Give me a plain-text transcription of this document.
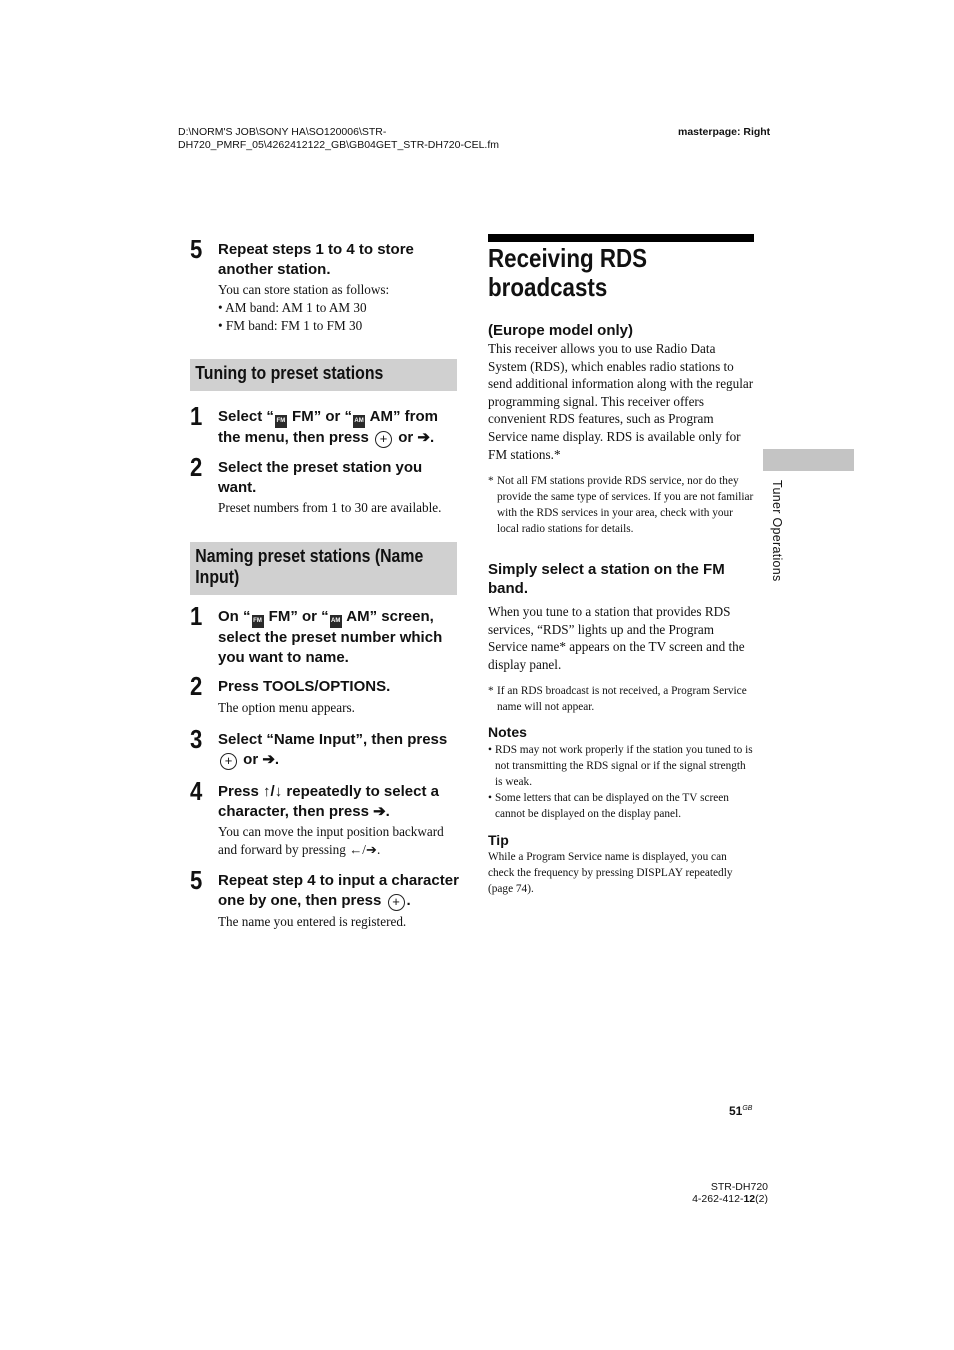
D:\NORM'S JOB\SONY HA\SO120006\STR-
DH720_PMRF_05\4262412122_GB\GB04GET_STR-DH720-CEL.fm
masterpage: Right
5 Repeat steps 1 to 4 to store another station.
You can store station as follows:
• AM band: AM 1 to AM 30
• FM band: FM 1 to FM 30
Tuning to preset stations
1 Select “ FM FM” or “ AM AM” from the menu, then press + or ➔.
2 Select the preset station you want.
Preset numbers from 1 to 30 are available.
Naming preset stations (Name
Input)
1 On “ FM FM” or “ AM AM” screen, select the preset number which you want to name.
2 Press TOOLS/OPTIONS.
The option menu appears.
3 Select “Name Input”, then press + or ➔.
4 Press ↑/↓ repeatedly to select a character, then press ➔.
You can move the input position backward and forward by pressing ←/➔.
5 Repeat step 4 to input a character one by one, then press + .
The name you entered is registered.
Receiving RDS
broadcasts
(Europe model only)
This receiver allows you to use Radio Data System (RDS), which enables radio stations to send additional information along with the regular programming signal. This receiver offers convenient RDS features, such as Program Service name display. RDS is available only for FM stations.*
* Not all FM stations provide RDS service, nor do they provide the same type of services. If you are not familiar with the RDS services in your area, check with your local radio stations for details.
Simply select a station on the FM band.
When you tune to a station that provides RDS services, “RDS” lights up and the Program Service name* appears on the TV screen and the display panel.
* If an RDS broadcast is not received, a Program Service name will not appear.
Notes
• RDS may not work properly if the station you tuned to is not transmitting the RDS signal or if the signal strength is weak.
• Some letters that can be displayed on the TV screen cannot be displayed on the display panel.
Tip
While a Program Service name is displayed, you can check the frequency by pressing DISPLAY repeatedly (page 74).
Tuner Operations
$51^{GB}$
STR-DH720
4-262-412-12(2)
